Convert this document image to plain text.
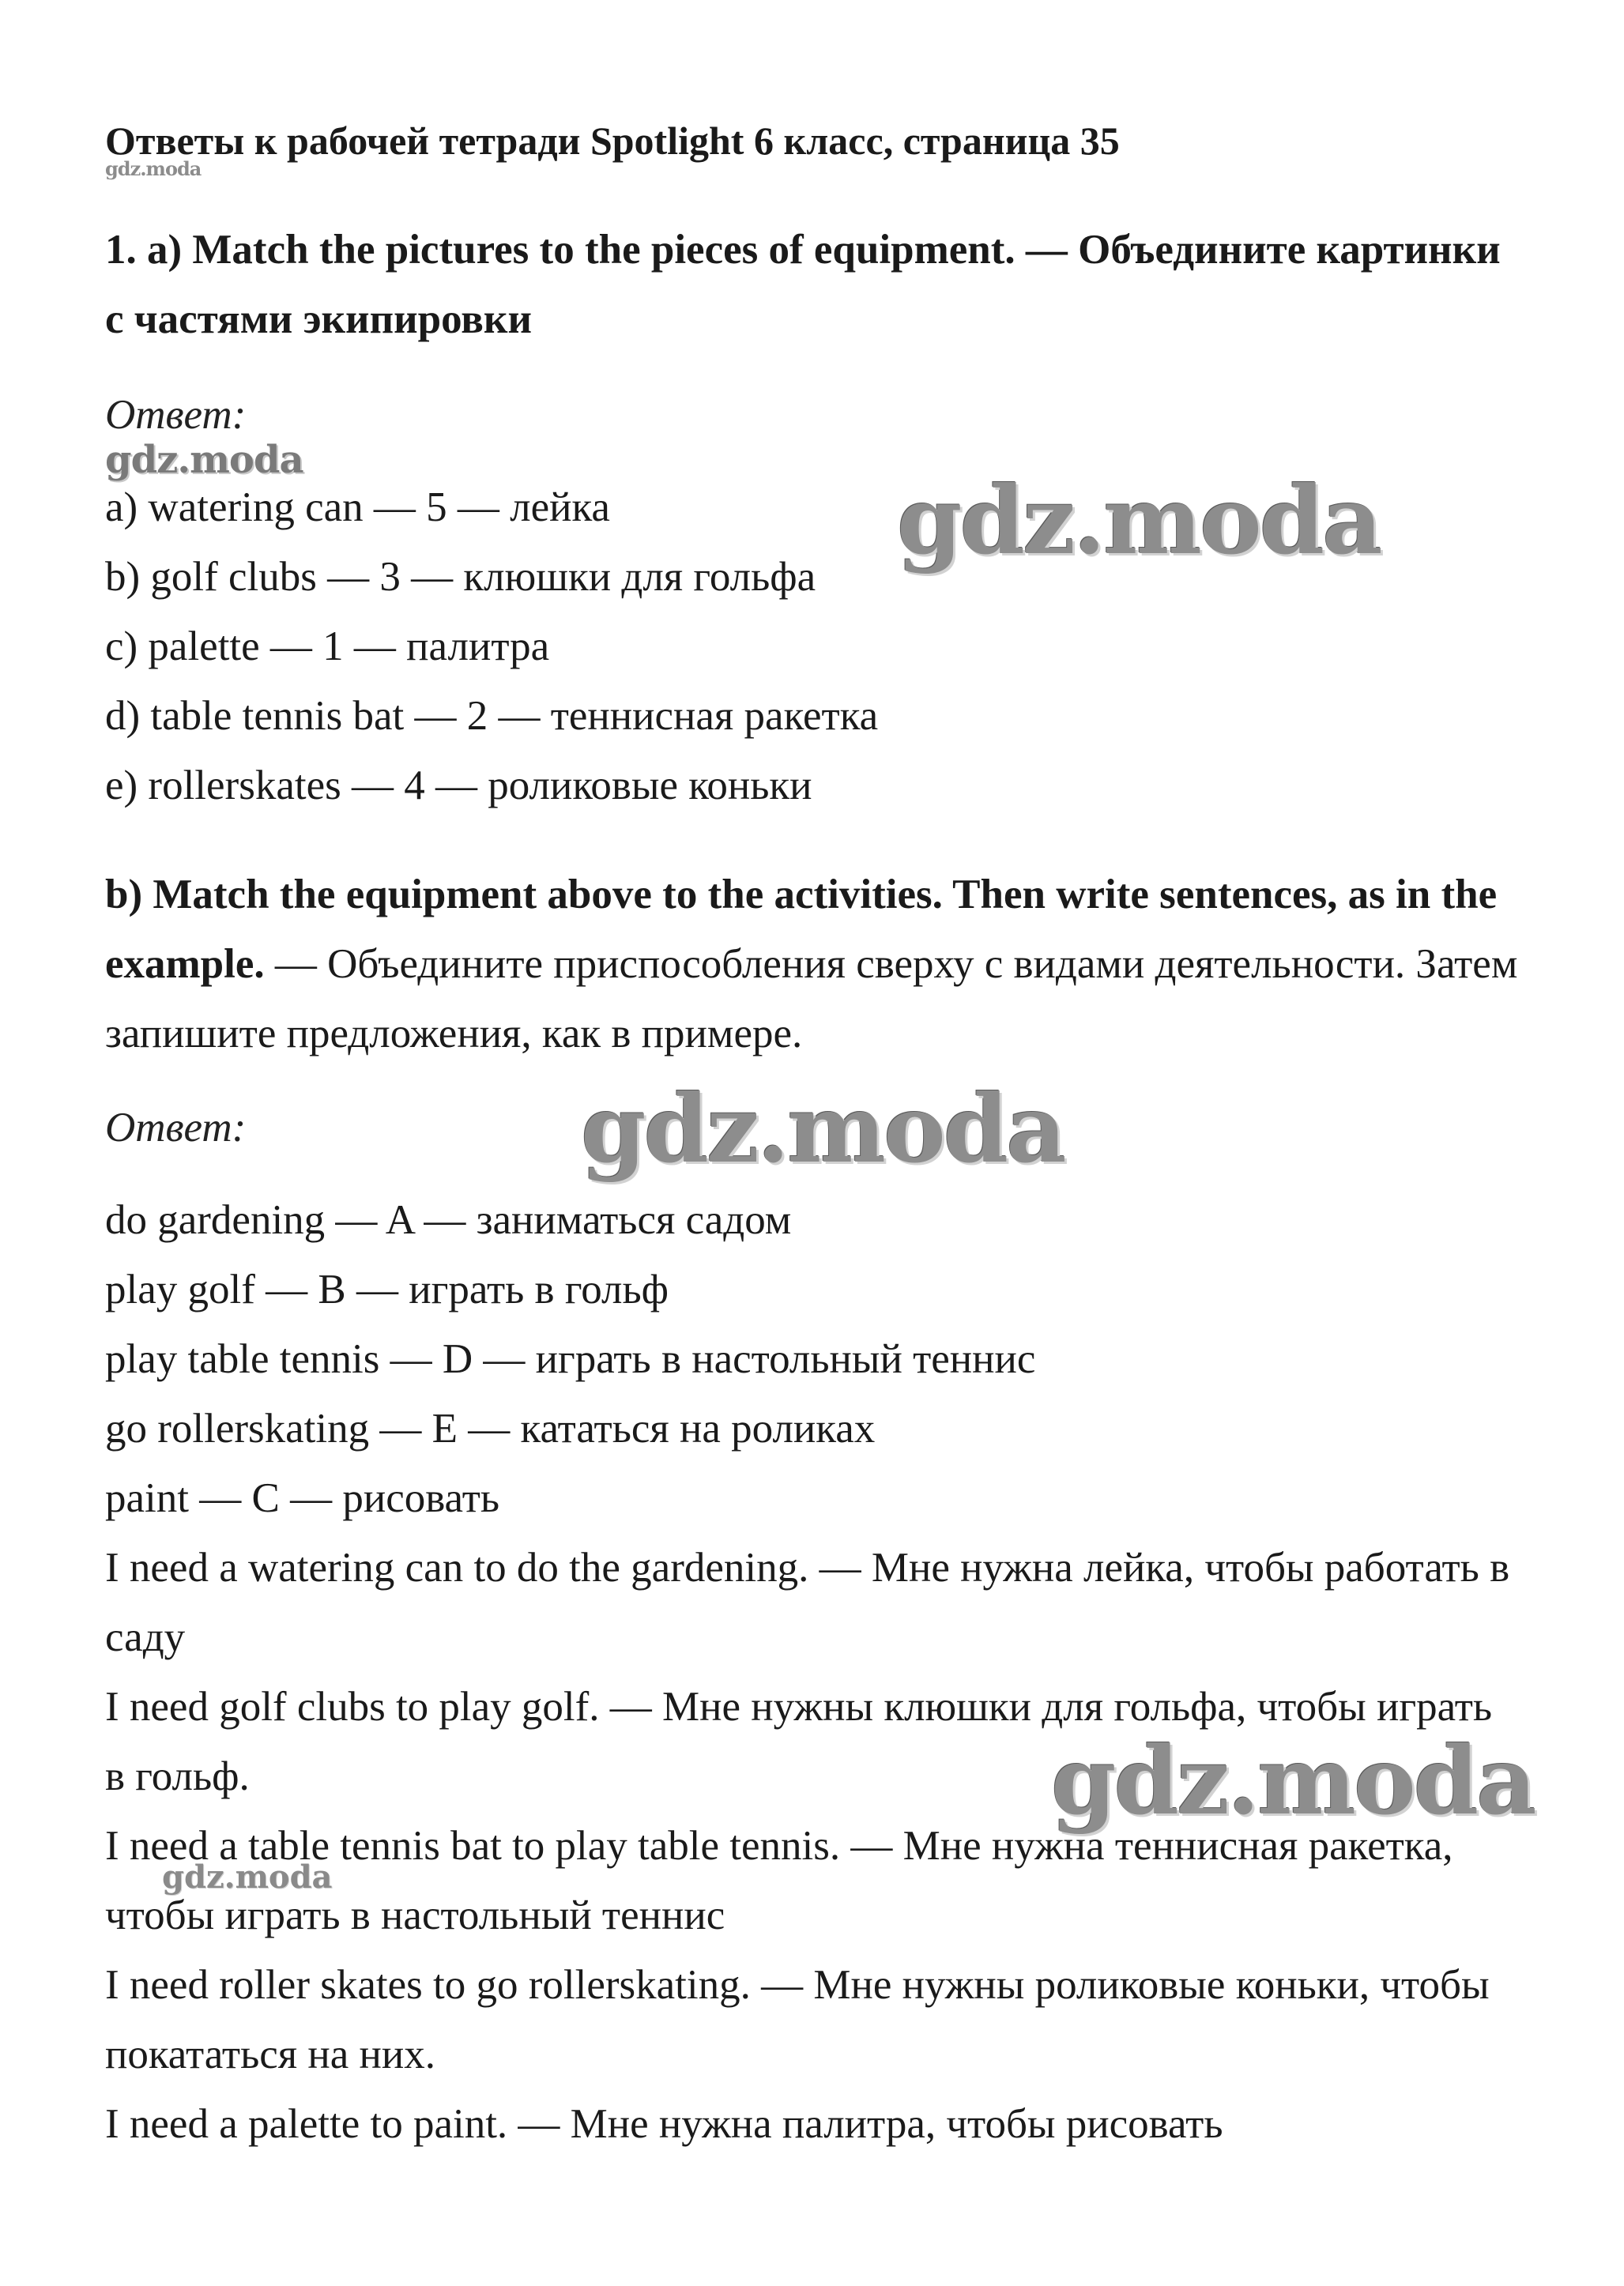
Ответы к рабочей тетради Spotlight 6 класс, страница 35
gdz.moda

1. a) Match the pictures to the pieces of equipment. — Объедините картинки с частями экипировки

Ответ:

gdz.moda

a) watering can — 5 — лейка

b) golf clubs — 3 — клюшки для гольфа

c) palette — 1 — палитра

d) table tennis bat — 2 — теннисная ракетка

e) rollerskates — 4 — роликовые коньки

gdz.moda

b) Match the equipment above to the activities. Then write sentences, as in the example. — Объедините приспособления сверху с видами деятельности. Затем запишите предложения, как в примере.

Ответ:	gdz.moda

do gardening — A — заниматься садом

play golf — B — играть в гольф

play table tennis — D — играть в настольный теннис

go rollerskating — E — кататься на роликах

paint — C — рисовать

I need a watering can to do the gardening. — Мне нужна лейка, чтобы работать в саду

I need golf clubs to play golf. — Мне нужны клюшки для гольфа, чтобы играть в гольф.

I need a table tennis bat to play table tennis. — Мне нужна теннисная ракетка, чтобы играть в настольный теннис

I need roller skates to go rollerskating. — Мне нужны роликовые коньки, чтобы покататься на них.

I need a palette to paint. — Мне нужна палитра, чтобы рисовать

gdz.moda
gdz.moda
